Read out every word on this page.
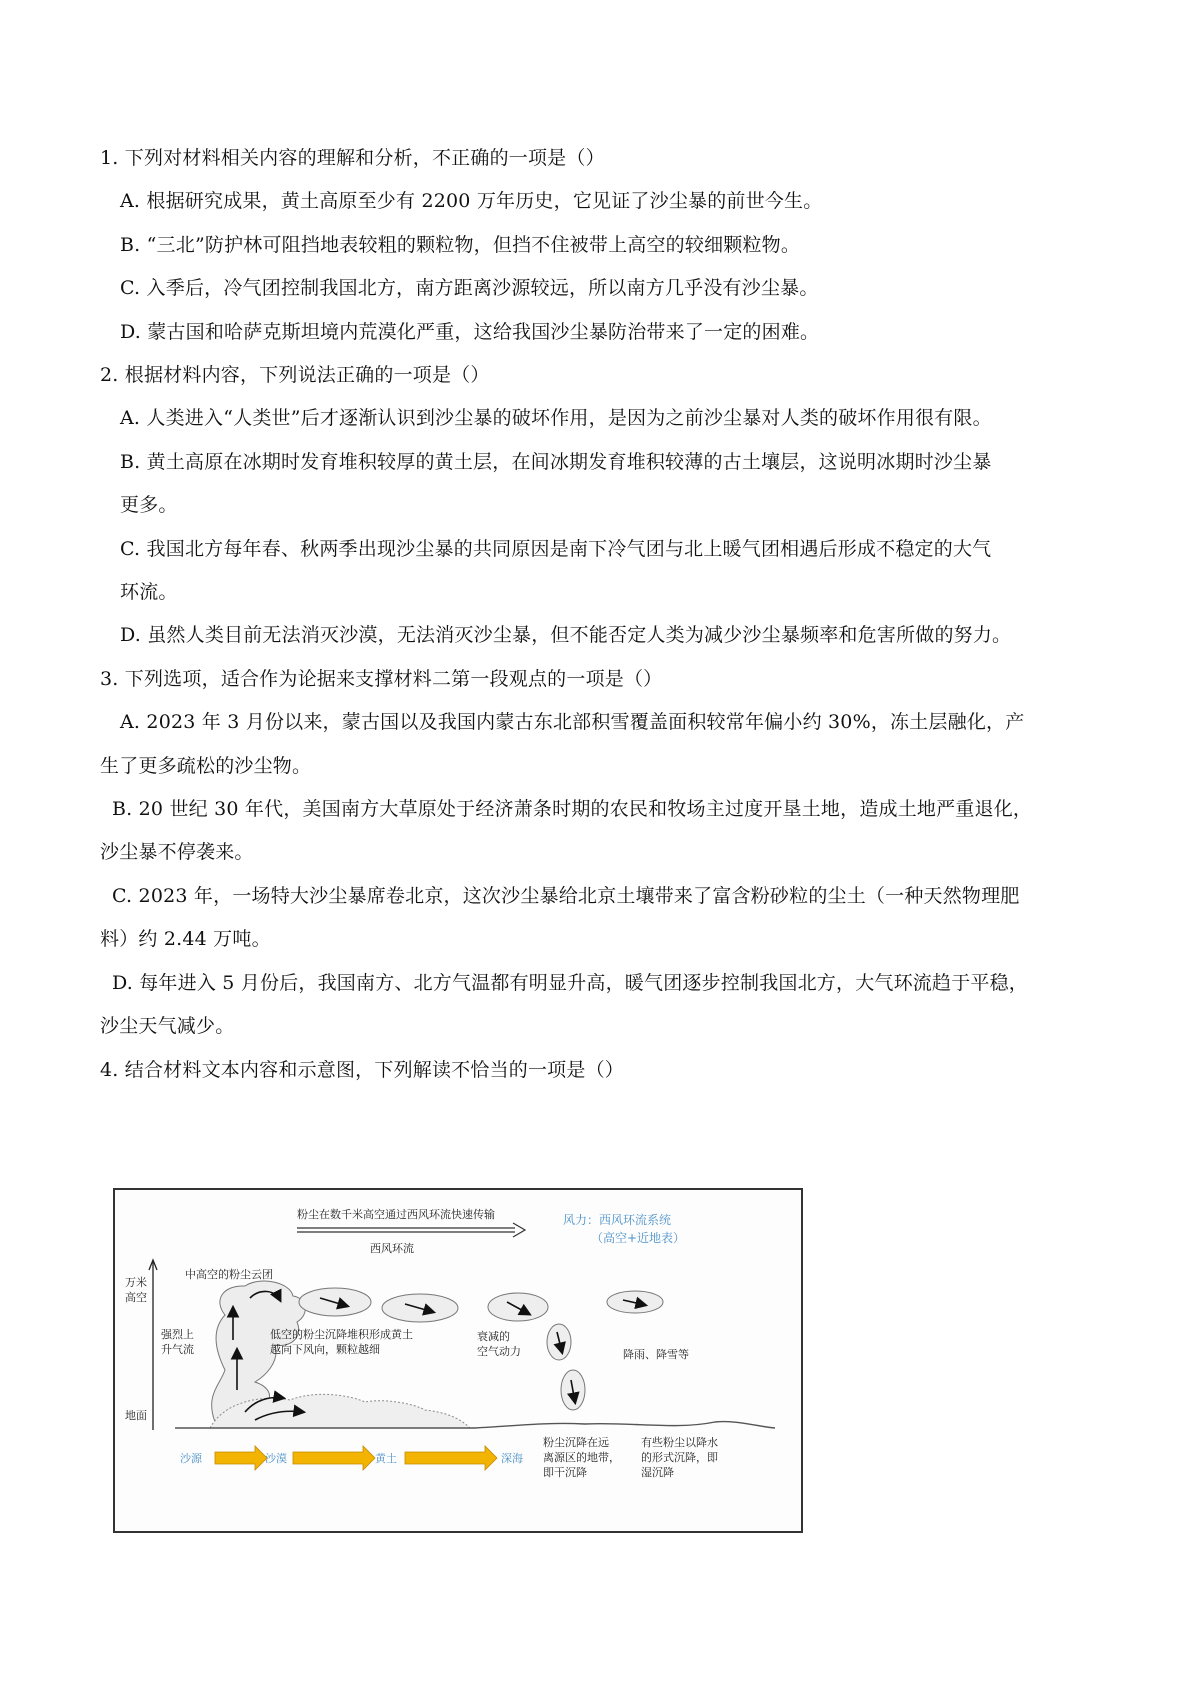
1. 下列对材料相关内容的理解和分析，不正确的一项是（）
A. 根据研究成果，黄土高原至少有 2200 万年历史，它见证了沙尘暴的前世今生。
B. “三北”防护林可阻挡地表较粗的颗粒物，但挡不住被带上高空的较细颗粒物。
C. 入季后，冷气团控制我国北方，南方距离沙源较远，所以南方几乎没有沙尘暴。
D. 蒙古国和哈萨克斯坦境内荒漠化严重，这给我国沙尘暴防治带来了一定的困难。
2. 根据材料内容，下列说法正确的一项是（）
A. 人类进入“人类世”后才逐渐认识到沙尘暴的破坏作用，是因为之前沙尘暴对人类的破坏作用很有限。
B. 黄土高原在冰期时发育堆积较厚的黄土层，在间冰期发育堆积较薄的古土壤层，这说明冰期时沙尘暴
更多。
C. 我国北方每年春、秋两季出现沙尘暴的共同原因是南下冷气团与北上暖气团相遇后形成不稳定的大气
环流。
D. 虽然人类目前无法消灭沙漠，无法消灭沙尘暴，但不能否定人类为减少沙尘暴频率和危害所做的努力。
3. 下列选项，适合作为论据来支撑材料二第一段观点的一项是（）
A. 2023 年 3 月份以来，蒙古国以及我国内蒙古东北部积雪覆盖面积较常年偏小约 30%，冻土层融化，产
生了更多疏松的沙尘物。
B. 20 世纪 30 年代，美国南方大草原处于经济萧条时期的农民和牧场主过度开垦土地，造成土地严重退化，
沙尘暴不停袭来。
C. 2023 年，一场特大沙尘暴席卷北京，这次沙尘暴给北京土壤带来了富含粉砂粒的尘土（一种天然物理肥
料）约 2.44 万吨。
D. 每年进入 5 月份后，我国南方、北方气温都有明显升高，暖气团逐步控制我国北方，大气环流趋于平稳，
沙尘天气减少。
4. 结合材料文本内容和示意图，下列解读不恰当的一项是（）
粉尘在数千米高空通过西风环流快速传输
西风环流
风力：西风环流系统
（高空+近地表）
万米
高空
地面
中高空的粉尘云团
强烈上
升气流
低空的粉尘沉降堆积形成黄土
越向下风向，颗粒越细
衰减的
空气动力	降雨、降雪等
沙源	沙漠	黄土	深海
粉尘沉降在远
离源区的地带，
即干沉降
有些粉尘以降水
的形式沉降，即
湿沉降
